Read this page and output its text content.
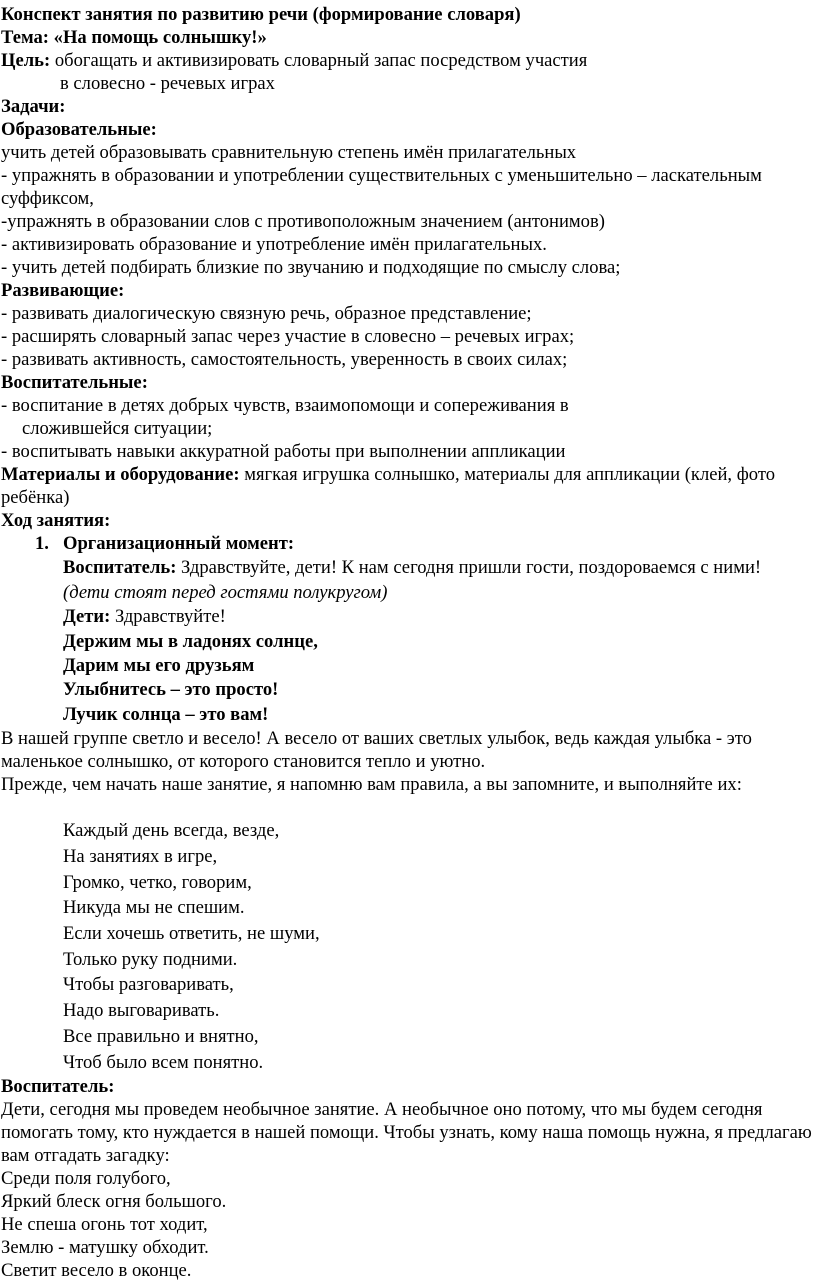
Конспект занятия по развитию речи (формирование словаря)

Тема: «На помощь солнышку!»

Цель: обогащать и активизировать словарный запас посредством участия

в словесно - речевых играх

Задачи:

Образовательные:

учить детей образовывать сравнительную степень имён прилагательных

- упражнять в образовании и употреблении существительных с уменьшительно – ласкательным суффиксом,

-упражнять в образовании слов с противоположным значением (антонимов)

- активизировать образование и употребление имён прилагательных.

- учить детей подбирать близкие по звучанию и подходящие по смыслу слова;

Развивающие:

- развивать диалогическую связную речь, образное представление;

- расширять словарный запас через участие в словесно – речевых играх;

- развивать активность, самостоятельность, уверенность в своих силах;

Воспитательные:

- воспитание в детях добрых чувств, взаимопомощи и сопереживания в

сложившейся ситуации;

- воспитывать навыки аккуратной работы при выполнении аппликации

Материалы и оборудование: мягкая игрушка солнышко, материалы для аппликации (клей, фото ребёнка)

Ход занятия:

1. Организационный момент:

Воспитатель: Здравствуйте, дети! К нам сегодня пришли гости, поздороваемся с ними!

(дети стоят перед гостями полукругом)

Дети: Здравствуйте!

Держим мы в ладонях солнце,

Дарим мы его друзьям

Улыбнитесь – это просто!

Лучик солнца – это вам!

В нашей группе светло и весело! А весело от ваших светлых улыбок, ведь каждая улыбка - это маленькое солнышко, от которого становится тепло и уютно.

Прежде, чем начать наше занятие, я напомню вам правила, а вы запомните, и выполняйте их:

Каждый день всегда, везде,

На занятиях в игре,

Громко, четко, говорим,

Никуда мы не спешим.

Если хочешь ответить, не шуми,

Только руку подними.

Чтобы разговаривать,

Надо выговаривать.

Все правильно и внятно,

Чтоб было всем понятно.

Воспитатель:

Дети, сегодня мы проведем необычное занятие. А необычное оно потому, что мы будем сегодня помогать тому, кто нуждается в нашей помощи. Чтобы узнать, кому наша помощь нужна, я предлагаю вам отгадать загадку:

Среди поля голубого,

Яркий блеск огня большого.

Не спеша огонь тот ходит,

Землю - матушку обходит.

Светит весело в оконце.
